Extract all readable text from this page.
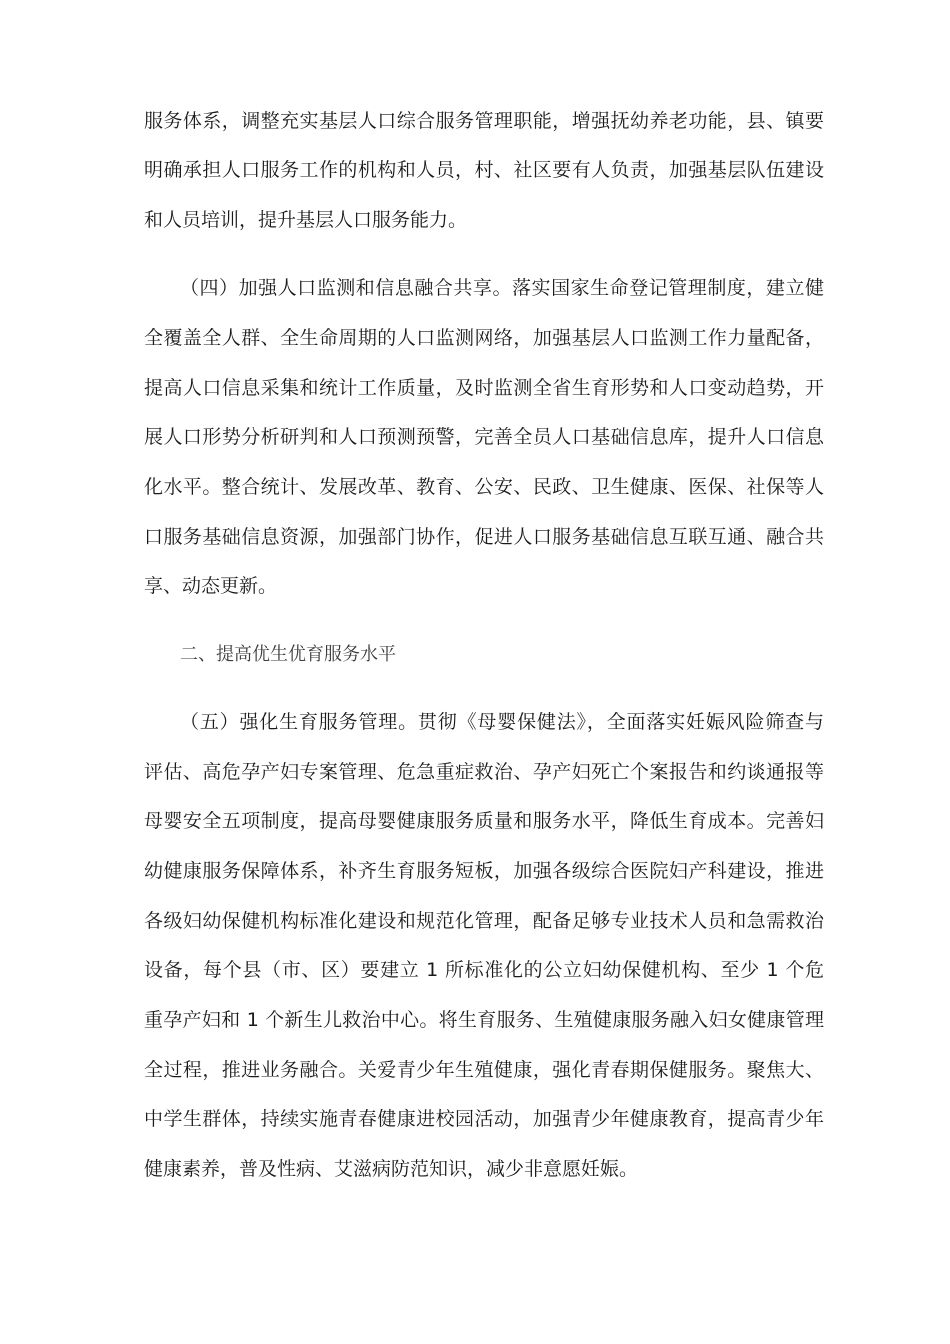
服务体系，调整充实基层人口综合服务管理职能，增强抚幼养老功能，县、镇要
明确承担人口服务工作的机构和人员，村、社区要有人负责，加强基层队伍建设
和人员培训，提升基层人口服务能力。
（四）加强人口监测和信息融合共享。落实国家生命登记管理制度，建立健
全覆盖全人群、全生命周期的人口监测网络，加强基层人口监测工作力量配备，
提高人口信息采集和统计工作质量，及时监测全省生育形势和人口变动趋势，开
展人口形势分析研判和人口预测预警，完善全员人口基础信息库，提升人口信息
化水平。整合统计、发展改革、教育、公安、民政、卫生健康、医保、社保等人
口服务基础信息资源，加强部门协作，促进人口服务基础信息互联互通、融合共
享、动态更新。
二、提高优生优育服务水平
（五）强化生育服务管理。贯彻《母婴保健法》，全面落实妊娠风险筛查与
评估、高危孕产妇专案管理、危急重症救治、孕产妇死亡个案报告和约谈通报等
母婴安全五项制度，提高母婴健康服务质量和服务水平，降低生育成本。完善妇
幼健康服务保障体系，补齐生育服务短板，加强各级综合医院妇产科建设，推进
各级妇幼保健机构标准化建设和规范化管理，配备足够专业技术人员和急需救治
设备，每个县（市、区）要建立 1 所标准化的公立妇幼保健机构、至少 1 个危
重孕产妇和 1 个新生儿救治中心。将生育服务、生殖健康服务融入妇女健康管理
全过程，推进业务融合。关爱青少年生殖健康，强化青春期保健服务。聚焦大、
中学生群体，持续实施青春健康进校园活动，加强青少年健康教育，提高青少年
健康素养，普及性病、艾滋病防范知识，减少非意愿妊娠。
